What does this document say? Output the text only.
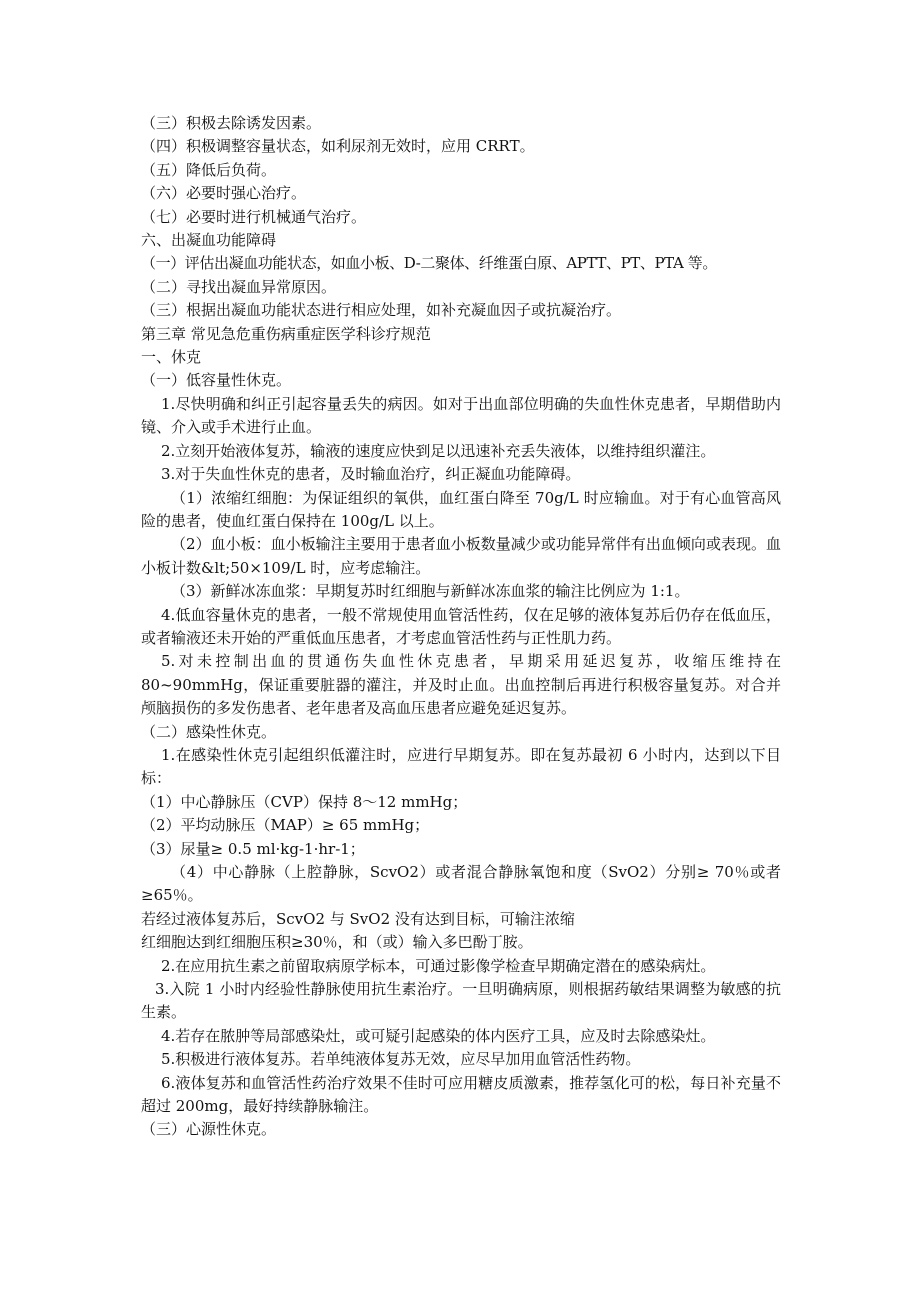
（三）积极去除诱发因素。

（四）积极调整容量状态，如利尿剂无效时，应用 CRRT。

（五）降低后负荷。

（六）必要时强心治疗。

（七）必要时进行机械通气治疗。

六、出凝血功能障碍

（一）评估出凝血功能状态，如血小板、D-二聚体、纤维蛋白原、APTT、PT、PTA 等。

（二）寻找出凝血异常原因。

（三）根据出凝血功能状态进行相应处理，如补充凝血因子或抗凝治疗。

第三章 常见急危重伤病重症医学科诊疗规范

一、休克

（一）低容量性休克。

1.尽快明确和纠正引起容量丢失的病因。如对于出血部位明确的失血性休克患者，早期借助内镜、介入或手术进行止血。

2.立刻开始液体复苏，输液的速度应快到足以迅速补充丢失液体，以维持组织灌注。

3.对于失血性休克的患者，及时输血治疗，纠正凝血功能障碍。

（1）浓缩红细胞：为保证组织的氧供，血红蛋白降至 70g/L 时应输血。对于有心血管高风险的患者，使血红蛋白保持在 100g/L 以上。

（2）血小板：血小板输注主要用于患者血小板数量减少或功能异常伴有出血倾向或表现。血小板计数&lt;50×109/L 时，应考虑输注。

（3）新鲜冰冻血浆：早期复苏时红细胞与新鲜冰冻血浆的输注比例应为 1:1。

4.低血容量休克的患者，一般不常规使用血管活性药，仅在足够的液体复苏后仍存在低血压，或者输液还未开始的严重低血压患者，才考虑血管活性药与正性肌力药。

5.对未控制出血的贯通伤失血性休克患者，早期采用延迟复苏，收缩压维持在 80~90mmHg，保证重要脏器的灌注，并及时止血。出血控制后再进行积极容量复苏。对合并颅脑损伤的多发伤患者、老年患者及高血压患者应避免延迟复苏。

（二）感染性休克。

1.在感染性休克引起组织低灌注时，应进行早期复苏。即在复苏最初 6 小时内，达到以下目标：

（1）中心静脉压（CVP）保持 8～12 mmHg；

（2）平均动脉压（MAP）≥ 65 mmHg；

（3）尿量≥ 0.5 ml·kg-1·hr-1；

（4）中心静脉（上腔静脉，ScvO2）或者混合静脉氧饱和度（SvO2）分别≥ 70％或者≥65％。

若经过液体复苏后，ScvO2 与 SvO2 没有达到目标，可输注浓缩

红细胞达到红细胞压积≥30％，和（或）输入多巴酚丁胺。

2.在应用抗生素之前留取病原学标本，可通过影像学检查早期确定潜在的感染病灶。

3.入院 1 小时内经验性静脉使用抗生素治疗。一旦明确病原，则根据药敏结果调整为敏感的抗生素。

4.若存在脓肿等局部感染灶，或可疑引起感染的体内医疗工具，应及时去除感染灶。

5.积极进行液体复苏。若单纯液体复苏无效，应尽早加用血管活性药物。

6.液体复苏和血管活性药治疗效果不佳时可应用糖皮质激素，推荐氢化可的松，每日补充量不超过 200mg，最好持续静脉输注。

（三）心源性休克。
